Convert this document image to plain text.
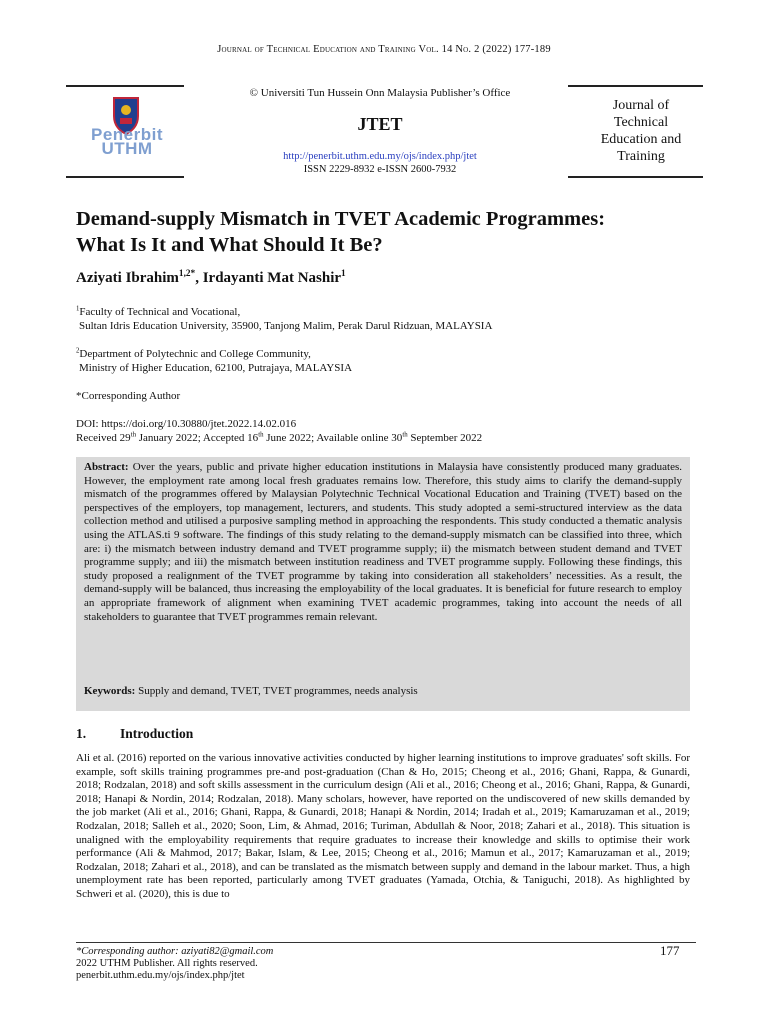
Journal of Technical Education and Training Vol. 14 No. 2 (2022) 177-189
Penerbit
UTHM
© Universiti Tun Hussein Onn Malaysia Publisher’s Office
JTET
http://penerbit.uthm.edu.my/ojs/index.php/jtet
ISSN 2229-8932 e-ISSN 2600-7932
Journal of
Technical
Education and
Training
Demand-supply Mismatch in TVET Academic Programmes:
What Is It and What Should It Be?
Aziyati Ibrahim$^{1,2*}$, Irdayanti Mat Nashir$^1$
$^1$Faculty of Technical and Vocational,
Sultan Idris Education University, 35900, Tanjong Malim, Perak Darul Ridzuan, MALAYSIA
$^2$Department of Polytechnic and College Community,
Ministry of Higher Education, 62100, Putrajaya, MALAYSIA
*Corresponding Author
DOI: https://doi.org/10.30880/jtet.2022.14.02.016
Received 29th January 2022; Accepted 16th June 2022; Available online 30th September 2022
Abstract: Over the years, public and private higher education institutions in Malaysia have consistently produced many graduates. However, the employment rate among local fresh graduates remains low. Therefore, this study aims to clarify the demand-supply mismatch of the programmes offered by Malaysian Polytechnic Technical Vocational Education and Training (TVET) based on the perspectives of the employers, top management, lecturers, and students. This study adopted a semi-structured interview as the data collection method and utilised a purposive sampling method in approaching the respondents. This study conducted a thematic analysis using the ATLAS.ti 9 software. The findings of this study relating to the demand-supply mismatch can be classified into three, which are: i) the mismatch between industry demand and TVET programme supply; ii) the mismatch between student demand and TVET programme supply; and iii) the mismatch between institution readiness and TVET programme supply. Following these findings, this study proposed a realignment of the TVET programme by taking into consideration all stakeholders’ necessities. As a result, the demand-supply will be balanced, thus increasing the employability of the local graduates. It is beneficial for future research to employ an appropriate framework of alignment when examining TVET academic programmes, taking into account the needs of all stakeholders to guarantee that TVET programmes remain relevant.
Keywords: Supply and demand, TVET, TVET programmes, needs analysis
1.	Introduction
Ali et al. (2016) reported on the various innovative activities conducted by higher learning institutions to improve graduates' soft skills. For example, soft skills training programmes pre-and post-graduation (Chan & Ho, 2015; Cheong et al., 2016; Ghani, Rappa, & Gunardi, 2018; Rodzalan, 2018) and soft skills assessment in the curriculum design (Ali et al., 2016; Cheong et al., 2016; Ghani, Rappa, & Gunardi, 2018; Hanapi & Nordin, 2014; Rodzalan, 2018). Many scholars, however, have reported on the undiscovered of new skills demanded by the job market (Ali et al., 2016; Ghani, Rappa, & Gunardi, 2018; Hanapi & Nordin, 2014; Iradah et al., 2019; Kamaruzaman et al., 2019; Rodzalan, 2018; Salleh et al., 2020; Soon, Lim, & Ahmad, 2016; Turiman, Abdullah & Noor, 2018; Zahari et al., 2018). This situation is unaligned with the employability requirements that require graduates to increase their knowledge and skills to optimise their work performance (Ali & Mahmod, 2017; Bakar, Islam, & Lee, 2015; Cheong et al., 2016; Mamun et al., 2017; Kamaruzaman et al., 2019; Rodzalan, 2018; Zahari et al., 2018), and can be translated as the mismatch between supply and demand in the labour market. Thus, a high unemployment rate has been reported, particularly among TVET graduates (Yamada, Otchia, & Taniguchi, 2018). As highlighted by Schweri et al. (2020), this is due to
*Corresponding author: aziyati82@gmail.com
2022 UTHM Publisher. All rights reserved.
penerbit.uthm.edu.my/ojs/index.php/jtet
177
